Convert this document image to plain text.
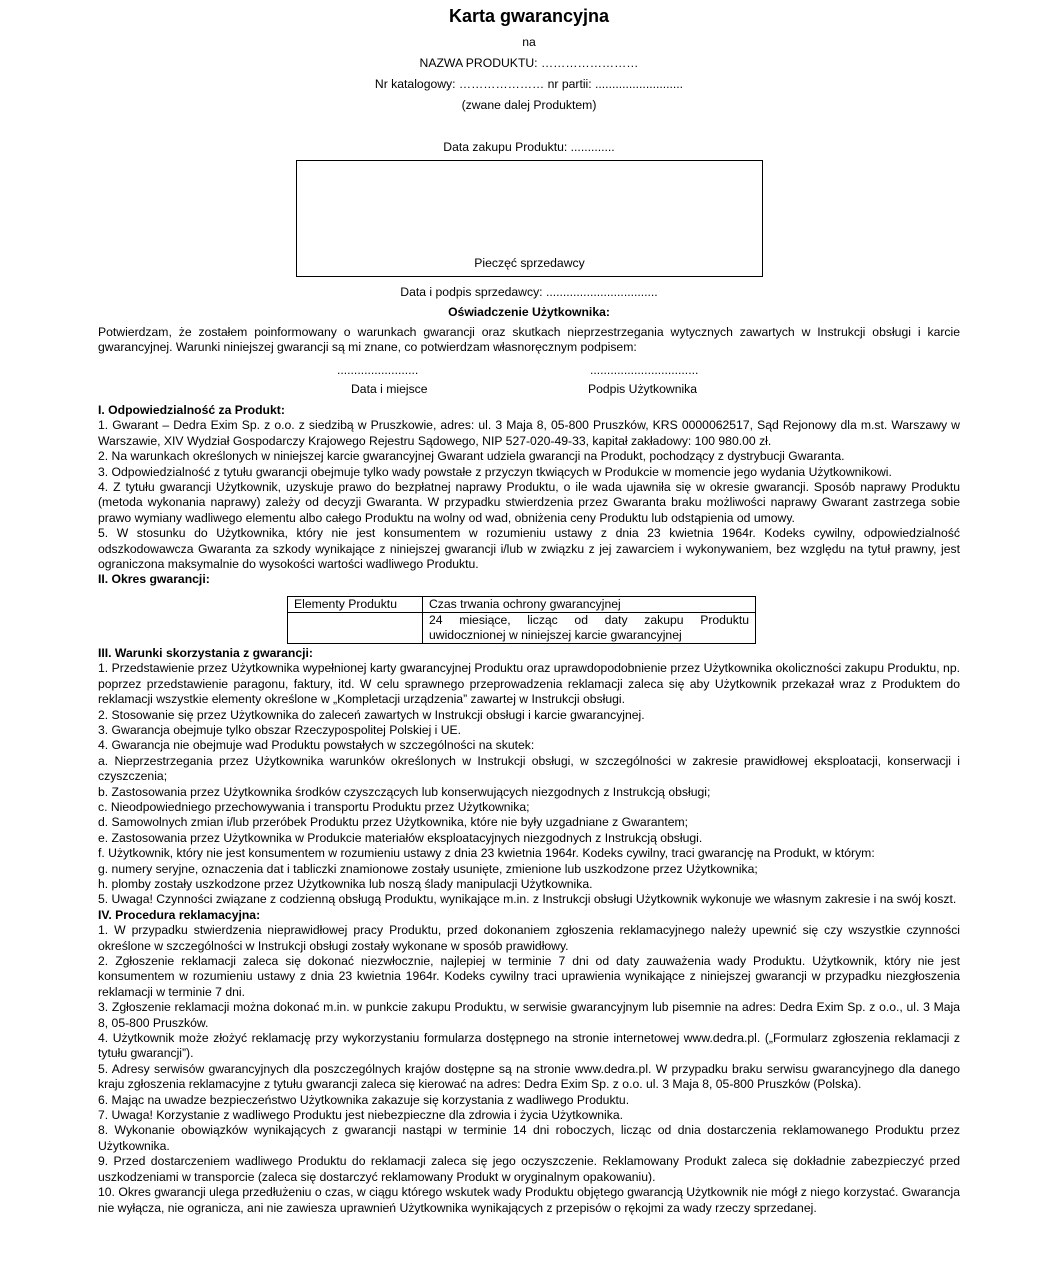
Karta gwarancyjna
na
NAZWA PRODUKTU: ……………………
Nr katalogowy: ………………… nr partii: ..........................
(zwane dalej Produktem)
Data zakupu Produktu: .............
Pieczęć sprzedawcy
Data i podpis sprzedawcy: .................................
Oświadczenie Użytkownika:
Potwierdzam, że zostałem poinformowany o warunkach gwarancji oraz skutkach nieprzestrzegania wytycznych zawartych w Instrukcji obsługi i karcie gwarancyjnej. Warunki niniejszej gwarancji są mi znane, co potwierdzam własnoręcznym podpisem:
........................	................................
Data i miejsce	Podpis Użytkownika

I. Odpowiedzialność za Produkt:

1. Gwarant – Dedra Exim Sp. z o.o. z siedzibą w Pruszkowie, adres: ul. 3 Maja 8, 05-800 Pruszków, KRS 0000062517, Sąd Rejonowy dla m.st. Warszawy w Warszawie, XIV Wydział Gospodarczy Krajowego Rejestru Sądowego, NIP 527-020-49-33, kapitał zakładowy: 100 980.00 zł.

2. Na warunkach określonych w niniejszej karcie gwarancyjnej Gwarant udziela gwarancji na Produkt, pochodzący z dystrybucji Gwaranta.

3. Odpowiedzialność z tytułu gwarancji obejmuje tylko wady powstałe z przyczyn tkwiących w Produkcie w momencie jego wydania Użytkownikowi.

4. Z tytułu gwarancji Użytkownik, uzyskuje prawo do bezpłatnej naprawy Produktu, o ile wada ujawniła się w okresie gwarancji. Sposób naprawy Produktu (metoda wykonania naprawy) zależy od decyzji Gwaranta. W przypadku stwierdzenia przez Gwaranta braku możliwości naprawy Gwarant zastrzega sobie prawo wymiany wadliwego elementu albo całego Produktu na wolny od wad, obniżenia ceny Produktu lub odstąpienia od umowy.

5. W stosunku do Użytkownika, który nie jest konsumentem w rozumieniu ustawy z dnia 23 kwietnia 1964r. Kodeks cywilny, odpowiedzialność odszkodowawcza Gwaranta za szkody wynikające z niniejszej gwarancji i/lub w związku z jej zawarciem i wykonywaniem, bez względu na tytuł prawny, jest ograniczona maksymalnie do wysokości wartości wadliwego Produktu.

II. Okres gwarancji:

Elementy Produktu	Czas trwania ochrony gwarancyjnej
	24 miesiące, licząc od daty zakupu Produktu uwidocznionej w niniejszej karcie gwarancyjnej

III. Warunki skorzystania z gwarancji:

1. Przedstawienie przez Użytkownika wypełnionej karty gwarancyjnej Produktu oraz uprawdopodobnienie przez Użytkownika okoliczności zakupu Produktu, np. poprzez przedstawienie paragonu, faktury, itd. W celu sprawnego przeprowadzenia reklamacji zaleca się aby Użytkownik przekazał wraz z Produktem do reklamacji wszystkie elementy określone w „Kompletacji urządzenia” zawartej w Instrukcji obsługi.

2. Stosowanie się przez Użytkownika do zaleceń zawartych w Instrukcji obsługi i karcie gwarancyjnej.

3. Gwarancja obejmuje tylko obszar Rzeczypospolitej Polskiej i UE.

4. Gwarancja nie obejmuje wad Produktu powstałych w szczególności na skutek:

a. Nieprzestrzegania przez Użytkownika warunków określonych w Instrukcji obsługi, w szczególności w zakresie prawidłowej eksploatacji, konserwacji i czyszczenia;

b. Zastosowania przez Użytkownika środków czyszczących lub konserwujących niezgodnych z Instrukcją obsługi;

c. Nieodpowiedniego przechowywania i transportu Produktu przez Użytkownika;

d. Samowolnych zmian i/lub przeróbek Produktu przez Użytkownika, które nie były uzgadniane z Gwarantem;

e. Zastosowania przez Użytkownika w Produkcie materiałów eksploatacyjnych niezgodnych z Instrukcją obsługi.

f. Użytkownik, który nie jest konsumentem w rozumieniu ustawy z dnia 23 kwietnia 1964r. Kodeks cywilny, traci gwarancję na Produkt, w którym:

g. numery seryjne, oznaczenia dat i tabliczki znamionowe zostały usunięte, zmienione lub uszkodzone przez Użytkownika;

h. plomby zostały uszkodzone przez Użytkownika lub noszą ślady manipulacji Użytkownika.

5. Uwaga! Czynności związane z codzienną obsługą Produktu, wynikające m.in. z Instrukcji obsługi Użytkownik wykonuje we własnym zakresie i na swój koszt.

IV. Procedura reklamacyjna:

1. W przypadku stwierdzenia nieprawidłowej pracy Produktu, przed dokonaniem zgłoszenia reklamacyjnego należy upewnić się czy wszystkie czynności określone w szczególności w Instrukcji obsługi zostały wykonane w sposób prawidłowy.

2. Zgłoszenie reklamacji zaleca się dokonać niezwłocznie, najlepiej w terminie 7 dni od daty zauważenia wady Produktu. Użytkownik, który nie jest konsumentem w rozumieniu ustawy z dnia 23 kwietnia 1964r. Kodeks cywilny traci uprawienia wynikające z niniejszej gwarancji w przypadku niezgłoszenia reklamacji w terminie 7 dni.

3. Zgłoszenie reklamacji można dokonać m.in. w punkcie zakupu Produktu, w serwisie gwarancyjnym lub pisemnie na adres: Dedra Exim Sp. z o.o., ul. 3 Maja 8, 05-800 Pruszków.

4. Użytkownik może złożyć reklamację przy wykorzystaniu formularza dostępnego na stronie internetowej www.dedra.pl. („Formularz zgłoszenia reklamacji z tytułu gwarancji”).

5. Adresy serwisów gwarancyjnych dla poszczególnych krajów dostępne są na stronie www.dedra.pl. W przypadku braku serwisu gwarancyjnego dla danego kraju zgłoszenia reklamacyjne z tytułu gwarancji zaleca się kierować na adres: Dedra Exim Sp. z o.o. ul. 3 Maja 8, 05-800 Pruszków (Polska).

6. Mając na uwadze bezpieczeństwo Użytkownika zakazuje się korzystania z wadliwego Produktu.

7. Uwaga! Korzystanie z wadliwego Produktu jest niebezpieczne dla zdrowia i życia Użytkownika.

8. Wykonanie obowiązków wynikających z gwarancji nastąpi w terminie 14 dni roboczych, licząc od dnia dostarczenia reklamowanego Produktu przez Użytkownika.

9. Przed dostarczeniem wadliwego Produktu do reklamacji zaleca się jego oczyszczenie. Reklamowany Produkt zaleca się dokładnie zabezpieczyć przed uszkodzeniami w transporcie (zaleca się dostarczyć reklamowany Produkt w oryginalnym opakowaniu).

10. Okres gwarancji ulega przedłużeniu o czas, w ciągu którego wskutek wady Produktu objętego gwarancją Użytkownik nie mógł z niego korzystać. Gwarancja nie wyłącza, nie ogranicza, ani nie zawiesza uprawnień Użytkownika wynikających z przepisów o rękojmi za wady rzeczy sprzedanej.
